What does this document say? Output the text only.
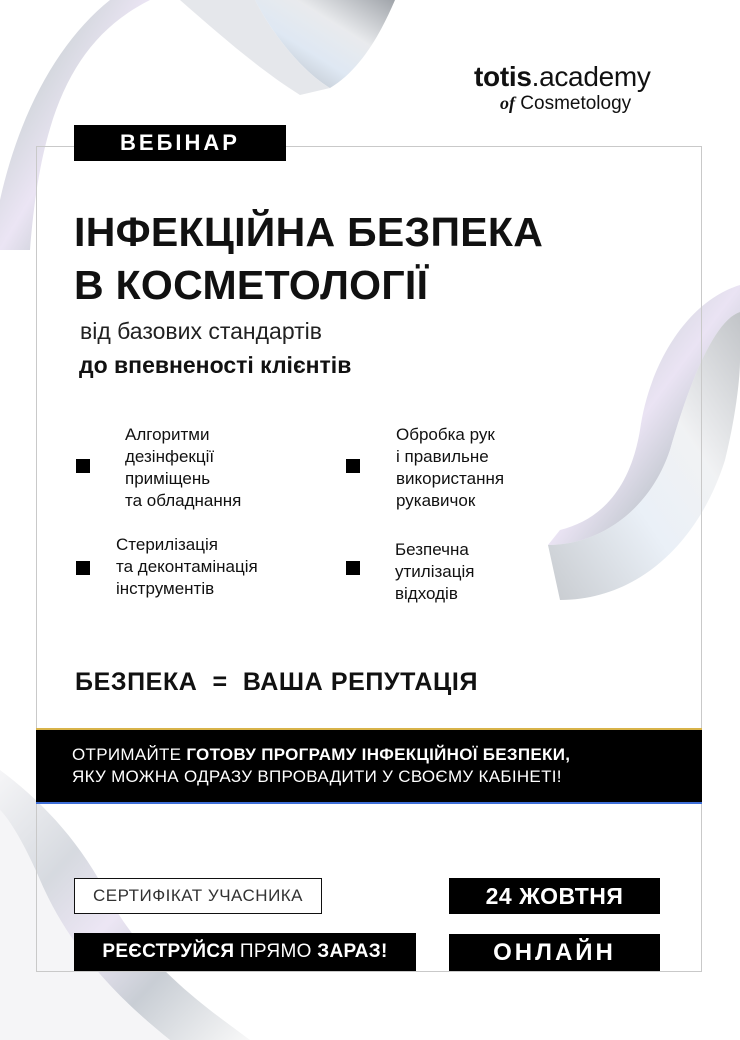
totis.academy
of Cosmetology
ВЕБІНАР
ІНФЕКЦІЙНА БЕЗПЕКА
В КОСМЕТОЛОГІЇ
від базових стандартів
до впевненості клієнтів
Алгоритми
дезінфекції
приміщень
та обладнання
Обробка рук
і правильне
використання
рукавичок
Стерилізація
та деконтамінація
інструментів
Безпечна
утилізація
відходів
БЕЗПЕКА  =  ВАША РЕПУТАЦІЯ
ОТРИМАЙТЕ ГОТОВУ ПРОГРАМУ ІНФЕКЦІЙНОЇ БЕЗПЕКИ,
ЯКУ МОЖНА ОДРАЗУ ВПРОВАДИТИ У СВОЄМУ КАБІНЕТІ!
СЕРТИФІКАТ УЧАСНИКА
РЕЄСТРУЙСЯ ПРЯМО ЗАРАЗ!
24 ЖОВТНЯ
ОНЛАЙН
